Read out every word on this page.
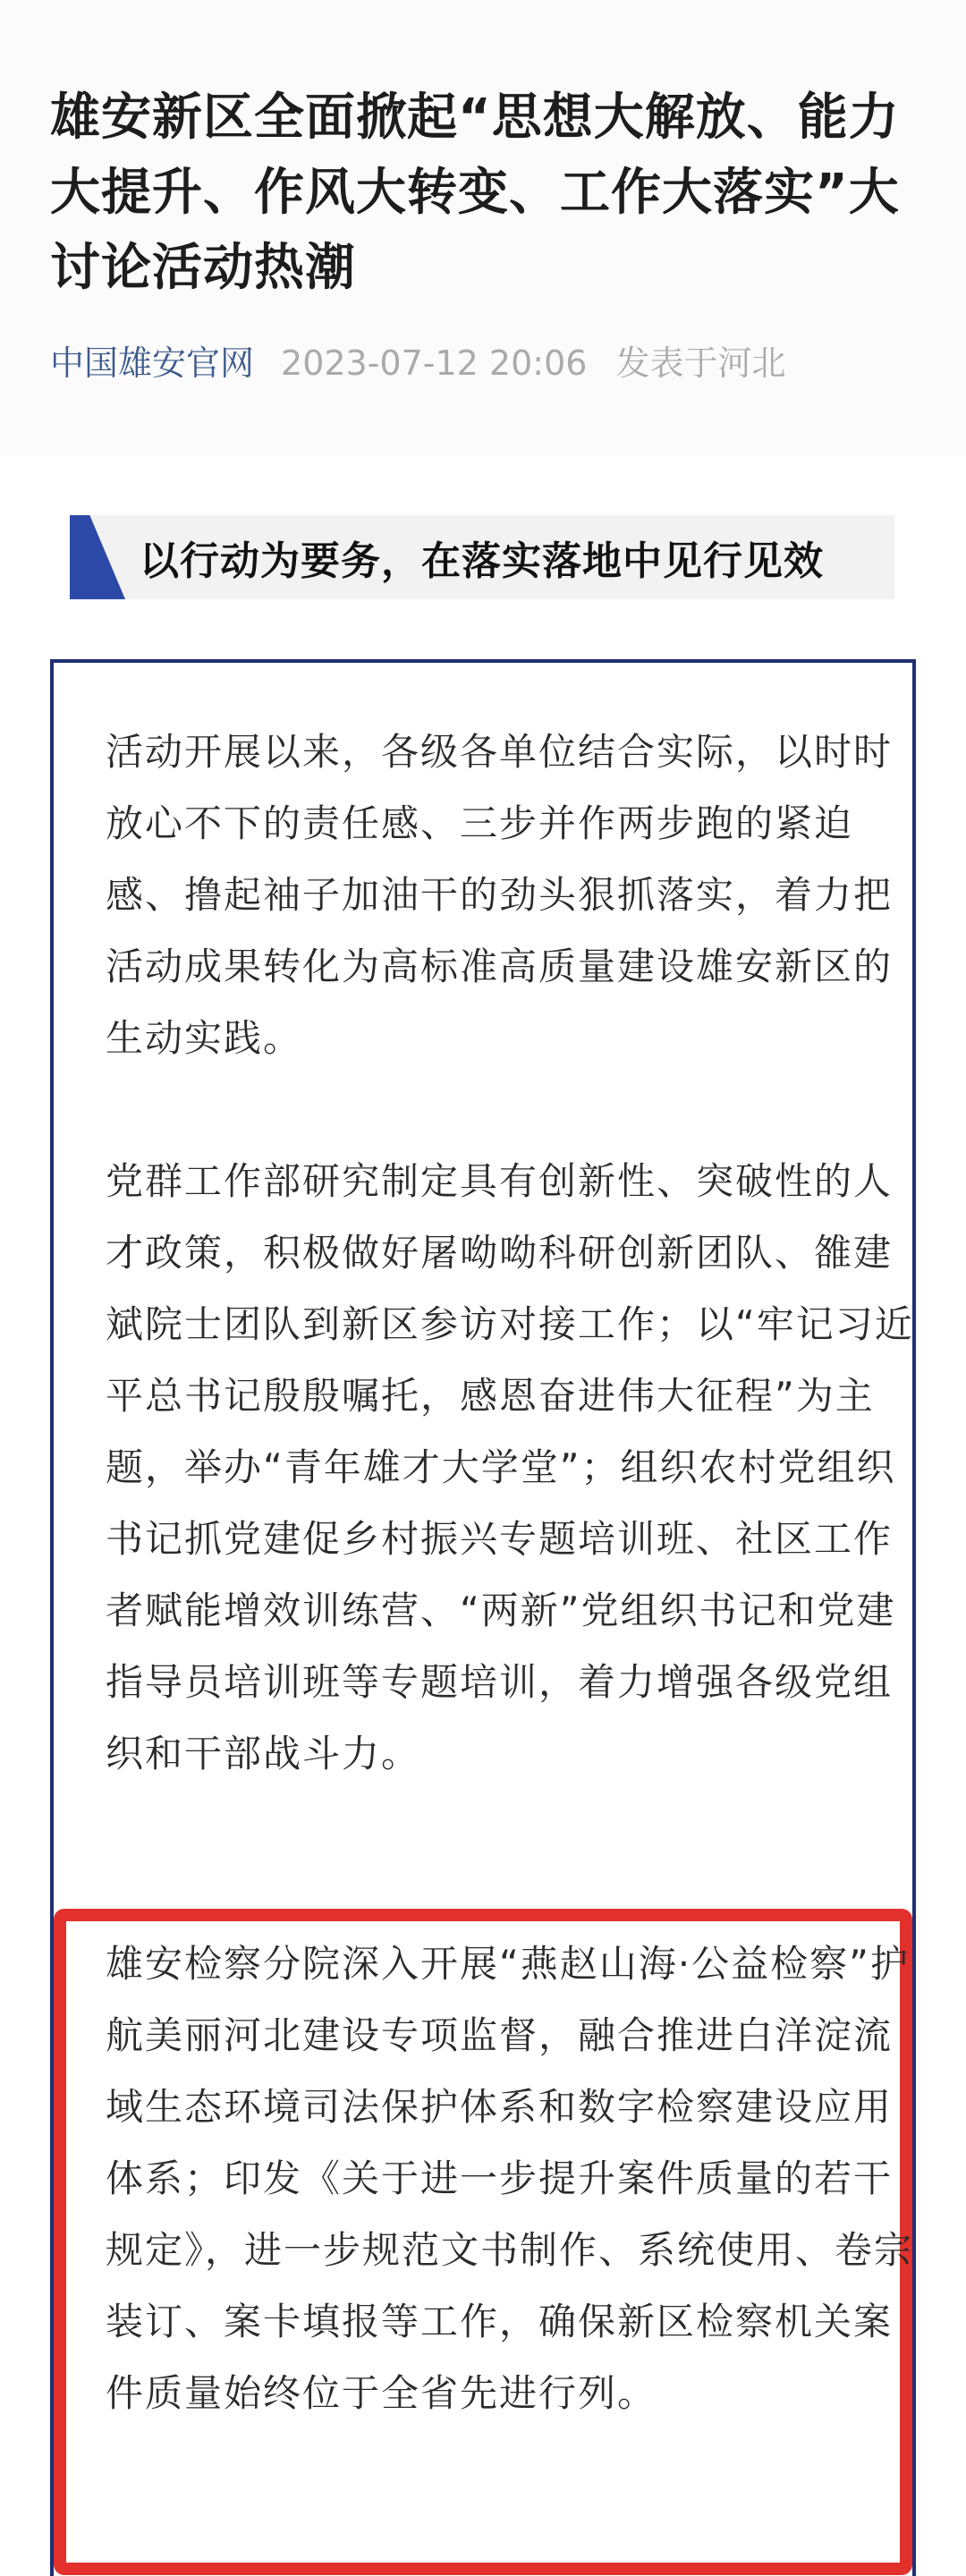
雄安新区全面掀起“思想大解放、能力大提升、作风大转变、工作大落实”大讨论活动热潮
中国雄安官网 2023-07-12 20:06 发表于河北
以行动为要务，在落实落地中见行见效

活动开展以来，各级各单位结合实际，以时时放心不下的责任感、三步并作两步跑的紧迫感、撸起袖子加油干的劲头狠抓落实，着力把活动成果转化为高标准高质量建设雄安新区的生动实践。

党群工作部研究制定具有创新性、突破性的人才政策，积极做好屠呦呦科研创新团队、雒建斌院士团队到新区参访对接工作；以“牢记习近平总书记殷殷嘱托，感恩奋进伟大征程”为主题，举办“青年雄才大学堂”；组织农村党组织书记抓党建促乡村振兴专题培训班、社区工作者赋能增效训练营、“两新”党组织书记和党建指导员培训班等专题培训，着力增强各级党组织和干部战斗力。

雄安检察分院深入开展“燕赵山海·公益检察”护航美丽河北建设专项监督，融合推进白洋淀流域生态环境司法保护体系和数字检察建设应用体系；印发《关于进一步提升案件质量的若干规定》，进一步规范文书制作、系统使用、卷宗装订、案卡填报等工作，确保新区检察机关案件质量始终位于全省先进行列。
